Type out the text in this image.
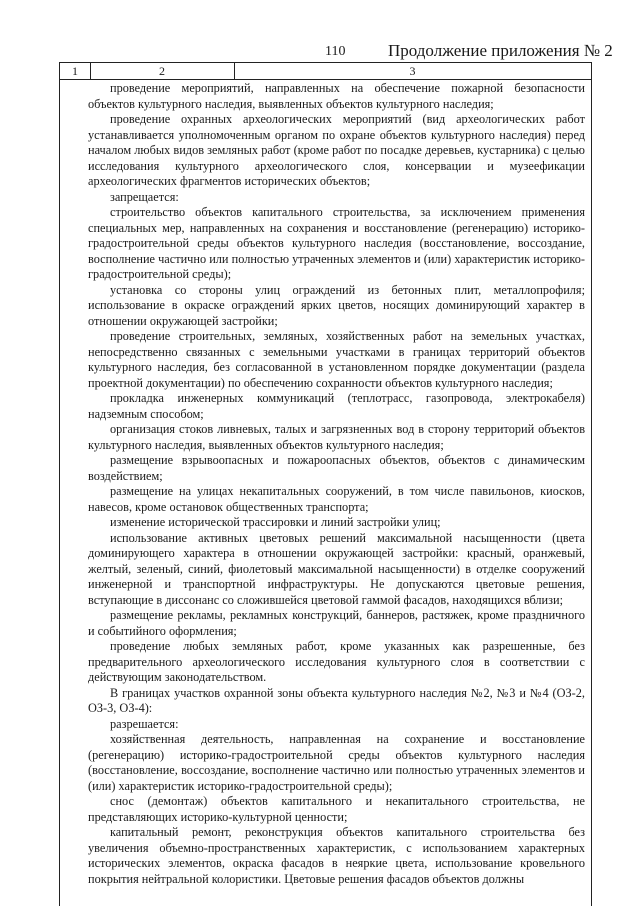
110	Продолжение приложения № 2
1	2	3

проведение мероприятий, направленных на обеспечение пожарной безопасности объектов культурного наследия, выявленных объектов культурного наследия;

проведение охранных археологических мероприятий (вид археологических работ устанавливается уполномоченным органом по охране объектов культурного наследия) перед началом любых видов земляных работ (кроме работ по посадке деревьев, кустарника) с целью исследования культурного археологического слоя, консервации и музеефикации археологических фрагментов исторических объектов;

запрещается:

строительство объектов капитального строительства, за исключением применения специальных мер, направленных на сохранения и восстановление (регенерацию) историко-градостроительной среды объектов культурного наследия (восстановление, воссоздание, восполнение частично или полностью утраченных элементов и (или) характеристик историко-градостроительной среды);

установка со стороны улиц ограждений из бетонных плит, металлопрофиля; использование в окраске ограждений ярких цветов, носящих доминирующий характер в отношении окружающей застройки;

проведение строительных, земляных, хозяйственных работ на земельных участках, непосредственно связанных с земельными участками в границах территорий объектов культурного наследия, без согласованной в установленном порядке документации (раздела проектной документации) по обеспечению сохранности объектов культурного наследия;

прокладка инженерных коммуникаций (теплотрасс, газопровода, электрокабеля) надземным способом;

организация стоков ливневых, талых и загрязненных вод в сторону территорий объектов культурного наследия, выявленных объектов культурного наследия;

размещение взрывоопасных и пожароопасных объектов, объектов с динамическим воздействием;

размещение на улицах некапитальных сооружений, в том числе павильонов, киосков, навесов, кроме остановок общественных транспорта;

изменение исторической трассировки и линий застройки улиц;

использование активных цветовых решений максимальной насыщенности (цвета доминирующего характера в отношении окружающей застройки: красный, оранжевый, желтый, зеленый, синий, фиолетовый максимальной насыщенности) в отделке сооружений инженерной и транспортной инфраструктуры. Не допускаются цветовые решения, вступающие в диссонанс со сложившейся цветовой гаммой фасадов, находящихся вблизи;

размещение рекламы, рекламных конструкций, баннеров, растяжек, кроме праздничного и событийного оформления;

проведение любых земляных работ, кроме указанных как разрешенные, без предварительного археологического исследования культурного слоя в соответствии с действующим законодательством.

В границах участков охранной зоны объекта культурного наследия №2, №3 и №4 (ОЗ-2, ОЗ-3, ОЗ-4):

разрешается:

хозяйственная деятельность, направленная на сохранение и восстановление (регенерацию) историко-градостроительной среды объектов культурного наследия (восстановление, воссоздание, восполнение частично или полностью утраченных элементов и (или) характеристик историко-градостроительной среды);

снос (демонтаж) объектов капитального и некапитального строительства, не представляющих историко-культурной ценности;

капитальный ремонт, реконструкция объектов капитального строительства без увеличения объемно-пространственных характеристик, с использованием характерных исторических элементов, окраска фасадов в неяркие цвета, использование кровельного покрытия нейтральной колористики. Цветовые решения фасадов объектов должны
